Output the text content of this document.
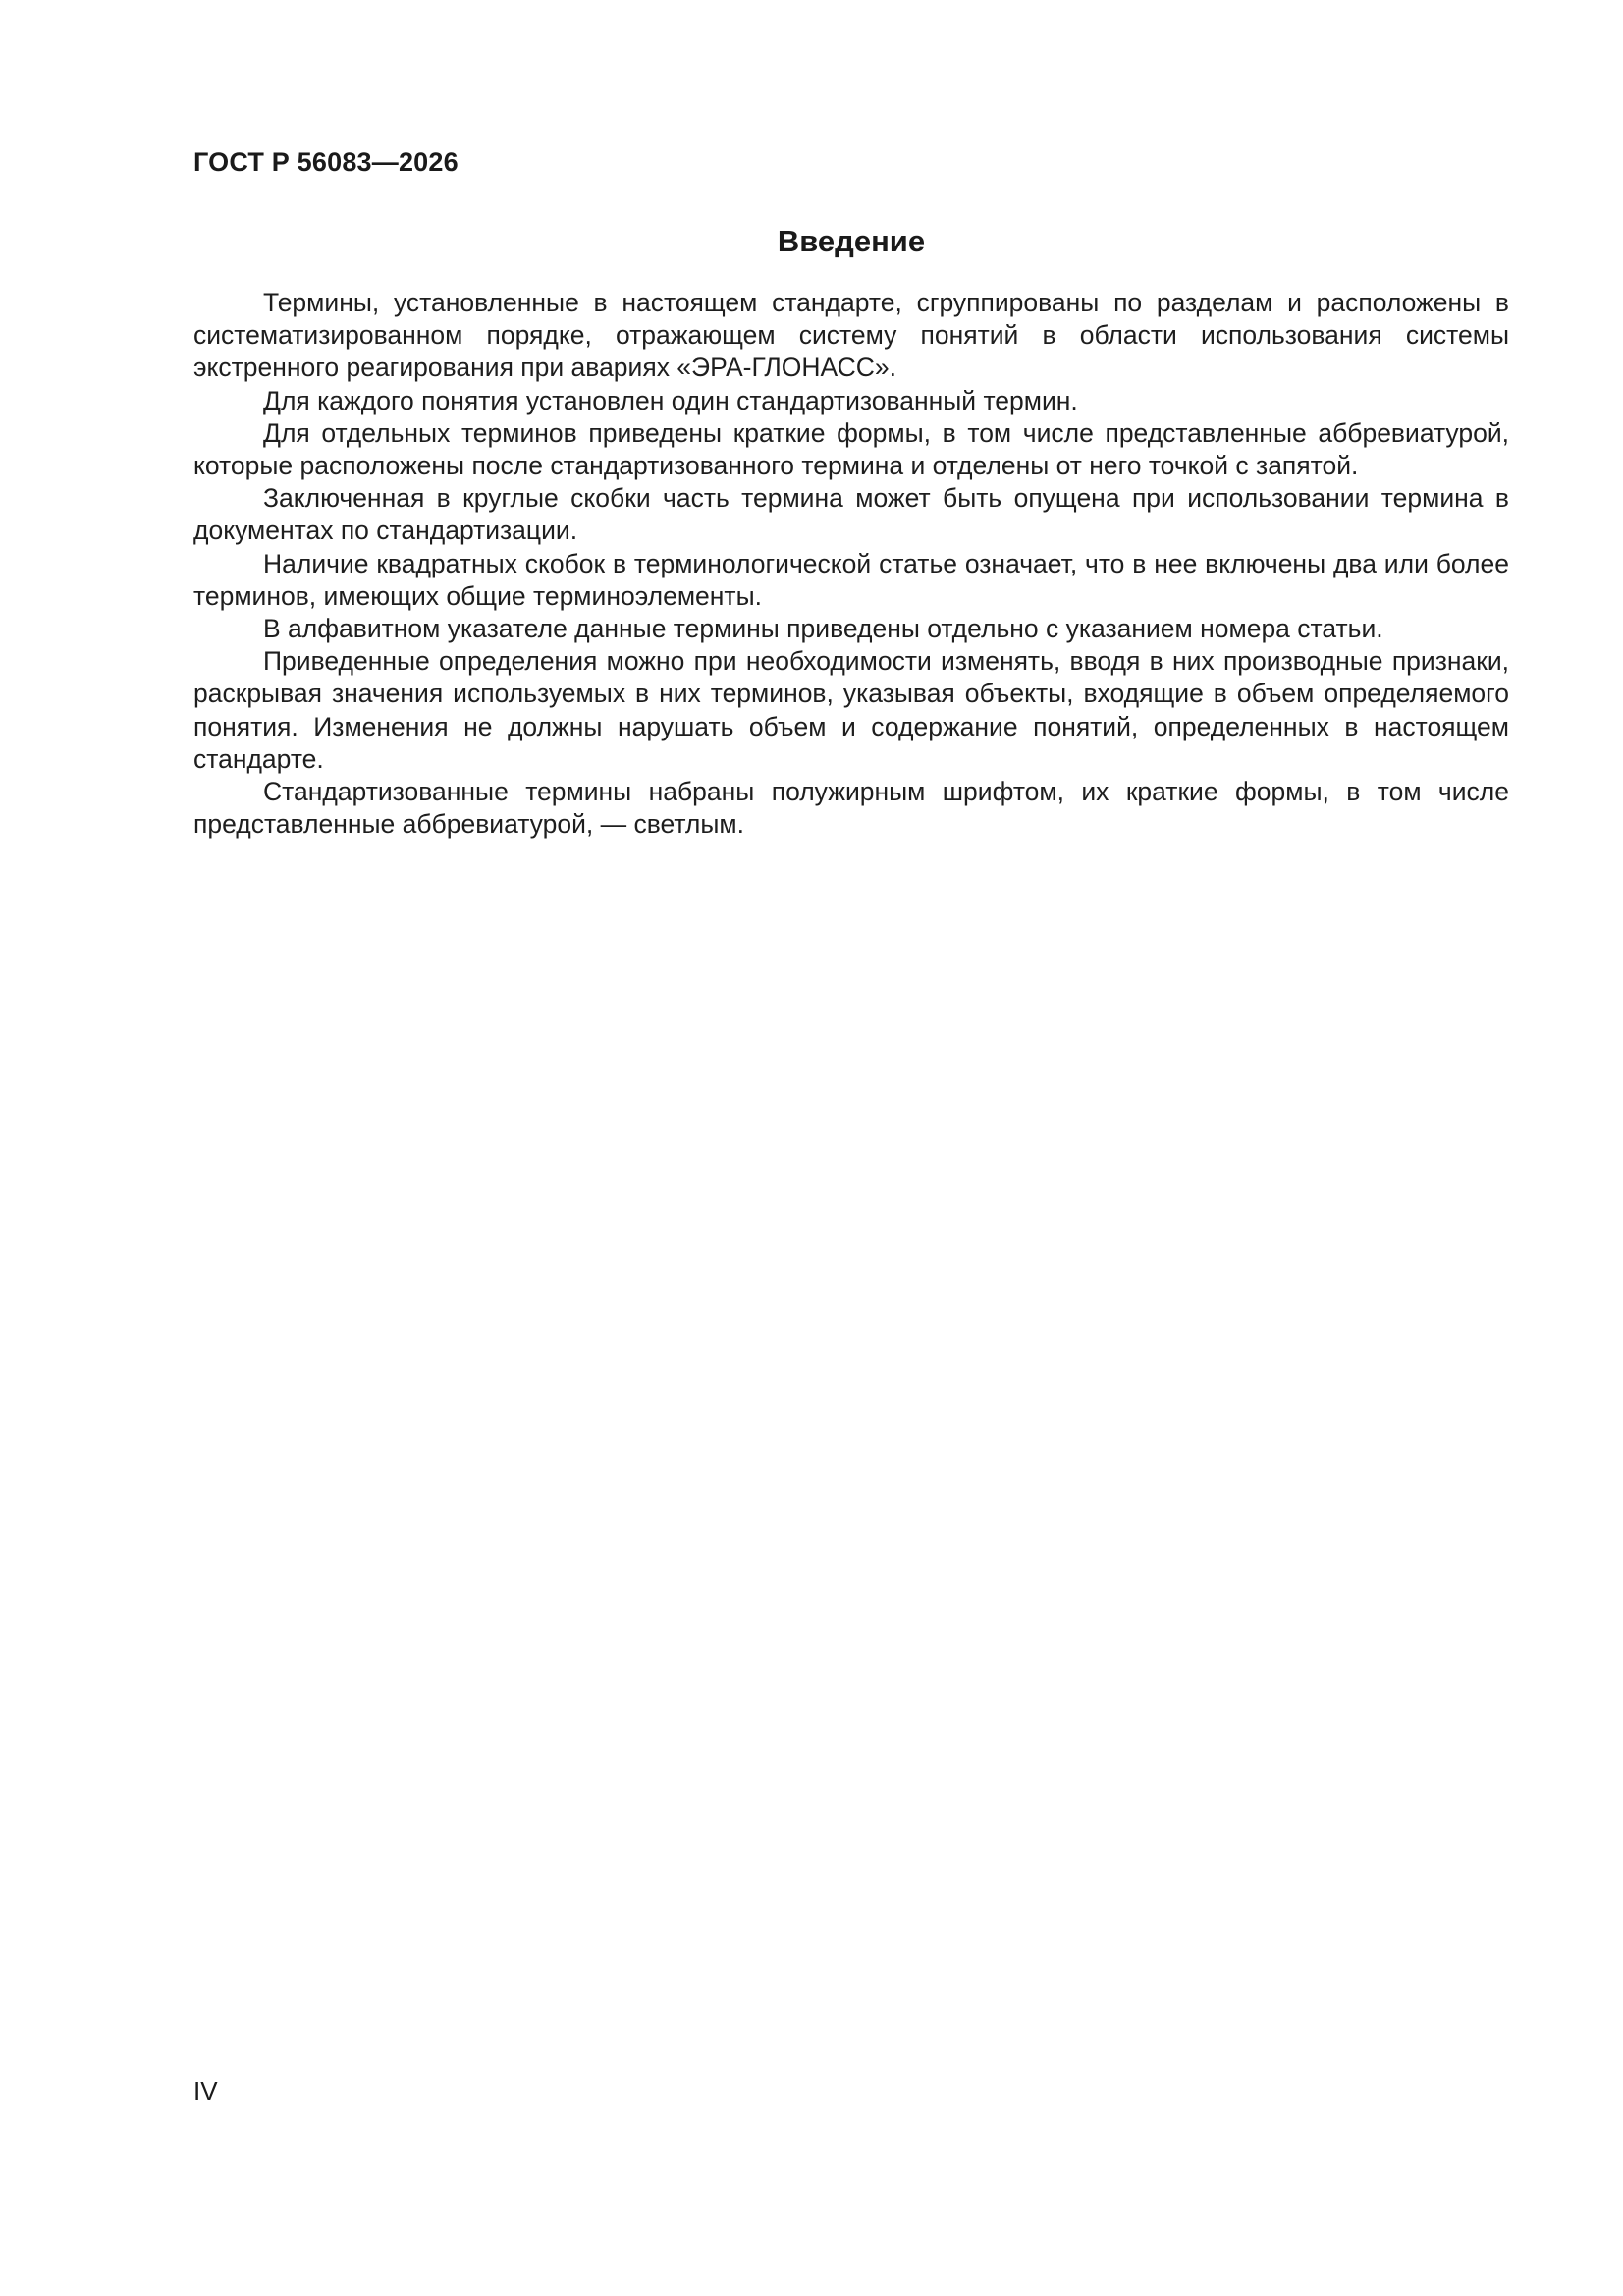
ГОСТ Р 56083—2026
Введение

Термины, установленные в настоящем стандарте, сгруппированы по разделам и расположены в систематизированном порядке, отражающем систему понятий в области использования системы экстренного реагирования при авариях «ЭРА-ГЛОНАСС».

Для каждого понятия установлен один стандартизованный термин.

Для отдельных терминов приведены краткие формы, в том числе представленные аббревиатурой, которые расположены после стандартизованного термина и отделены от него точкой с запятой.

Заключенная в круглые скобки часть термина может быть опущена при использовании термина в документах по стандартизации.

Наличие квадратных скобок в терминологической статье означает, что в нее включены два или более терминов, имеющих общие терминоэлементы.

В алфавитном указателе данные термины приведены отдельно с указанием номера статьи.

Приведенные определения можно при необходимости изменять, вводя в них производные признаки, раскрывая значения используемых в них терминов, указывая объекты, входящие в объем определяемого понятия. Изменения не должны нарушать объем и содержание понятий, определенных в настоящем стандарте.

Стандартизованные термины набраны полужирным шрифтом, их краткие формы, в том числе представленные аббревиатурой, — светлым.

IV
